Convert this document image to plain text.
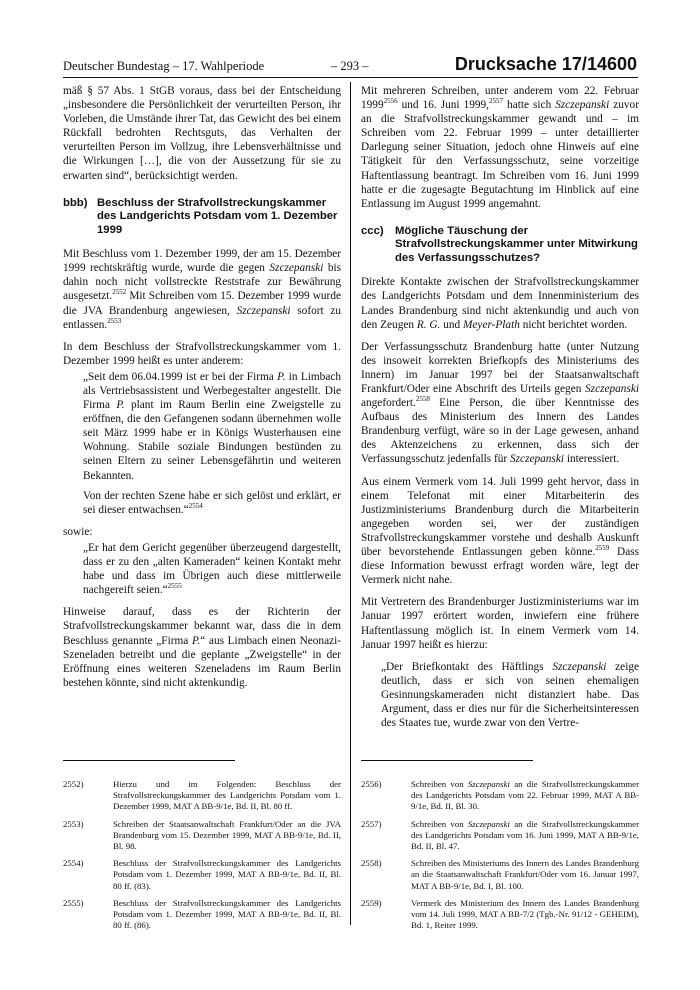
Deutscher Bundestag – 17. Wahlperiode	– 293 –	Drucksache 17/14600

mäß § 57 Abs. 1 StGB voraus, dass bei der Entscheidung „insbesondere die Persönlichkeit der verurteilten Person, ihr Vorleben, die Umstände ihrer Tat, das Gewicht des bei einem Rückfall bedrohten Rechtsguts, das Verhalten der verurteilten Person im Vollzug, ihre Lebensverhältnisse und die Wirkungen […], die von der Aussetzung für sie zu erwarten sind“, berücksichtigt werden.

bbb) Beschluss der Strafvollstreckungskammer des Landgerichts Potsdam vom 1. Dezember 1999

Mit Beschluss vom 1. Dezember 1999, der am 15. Dezember 1999 rechtskräftig wurde, wurde die gegen Szczepanski bis dahin noch nicht vollstreckte Reststrafe zur Bewährung ausgesetzt.$^{2552}$ Mit Schreiben vom 15. Dezember 1999 wurde die JVA Brandenburg angewiesen, Szczepanski sofort zu entlassen.$^{2553}$

In dem Beschluss der Strafvollstreckungskammer vom 1. Dezember 1999 heißt es unter anderem:

„Seit dem 06.04.1999 ist er bei der Firma P. in Limbach als Vertriebsassistent und Werbegestalter angestellt. Die Firma P. plant im Raum Berlin eine Zweigstelle zu eröffnen, die den Gefangenen sodann übernehmen wolle seit März 1999 habe er in Königs Wusterhausen eine Wohnung. Stabile soziale Bindungen bestünden zu seinen Eltern zu seiner Lebensgefährtin und weiteren Bekannten.

Von der rechten Szene habe er sich gelöst und erklärt, er sei dieser entwachsen.“$^{2554}$

sowie:

„Er hat dem Gericht gegenüber überzeugend dargestellt, dass er zu den „alten Kameraden“ keinen Kontakt mehr habe und dass im Übrigen auch diese mittlerweile nachgereift seien.“$^{2555}$

Hinweise darauf, dass es der Richterin der Strafvollstreckungskammer bekannt war, dass die in dem Beschluss genannte „Firma P.“ aus Limbach einen Neonazi-Szeneladen betreibt und die geplante „Zweigstelle“ in der Eröffnung eines weiteren Szeneladens im Raum Berlin bestehen könnte, sind nicht aktenkundig.

Mit mehreren Schreiben, unter anderem vom 22. Februar $1999^{2556}$ und 16. Juni 1999,$^{2557}$ hatte sich Szczepanski zuvor an die Strafvollstreckungskammer gewandt und – im Schreiben vom 22. Februar 1999 – unter detaillierter Darlegung seiner Situation, jedoch ohne Hinweis auf eine Tätigkeit für den Verfassungsschutz, seine vorzeitige Haftentlassung beantragt. Im Schreiben vom 16. Juni 1999 hatte er die zugesagte Begutachtung im Hinblick auf eine Entlassung im August 1999 angemahnt.

ccc)	Mögliche Täuschung der Strafvollstreckungskammer unter Mitwirkung des Verfassungsschutzes?

Direkte Kontakte zwischen der Strafvollstreckungskammer des Landgerichts Potsdam und dem Innenministerium des Landes Brandenburg sind nicht aktenkundig und auch von den Zeugen R. G. und Meyer-Plath nicht berichtet worden.

Der Verfassungsschutz Brandenburg hatte (unter Nutzung des insoweit korrekten Briefkopfs des Ministeriums des Innern) im Januar 1997 bei der Staatsanwaltschaft Frankfurt/Oder eine Abschrift des Urteils gegen Szczepanski angefordert.$^{2558}$ Eine Person, die über Kenntnisse des Aufbaus des Ministerium des Innern des Landes Brandenburg verfügt, wäre so in der Lage gewesen, anhand des Aktenzeichens zu erkennen, dass sich der Verfassungsschutz jedenfalls für Szczepanski interessiert.

Aus einem Vermerk vom 14. Juli 1999 geht hervor, dass in einem Telefonat mit einer Mitarbeiterin des Justizministeriums Brandenburg durch die Mitarbeiterin angegeben worden sei, wer der zuständigen Strafvollstreckungskammer vorstehe und deshalb Auskunft über bevorstehende Entlassungen geben könne.$^{2559}$ Dass diese Information bewusst erfragt worden wäre, legt der Vermerk nicht nahe.

Mit Vertretern des Brandenburger Justizministeriums war im Januar 1997 erörtert worden, inwiefern eine frühere Haftentlassung möglich ist. In einem Vermerk vom 14. Januar 1997 heißt es hierzu:

„Der Briefkontakt des Häftlings Szczepanski zeige deutlich, dass er sich von seinen ehemaligen Gesinnungskameraden nicht distanziert habe. Das Argument, dass er dies nur für die Sicherheitsinteressen des Staates tue, wurde zwar von den Vertre-

2552)	Hierzu und im Folgenden: Beschluss der Strafvollstreckungskammer des Landgerichts Potsdam vom 1. Dezember 1999, MAT A BB-9/1e, Bd. II, Bl. 80 ff.
2553)	Schreiben der Staatsanwaltschaft Frankfurt/Oder an die JVA Brandenburg vom 15. Dezember 1999, MAT A BB-9/1e, Bd. II, Bl. 98.
2554)	Beschluss der Strafvollstreckungskammer des Landgerichts Potsdam vom 1. Dezember 1999, MAT A BB-9/1e, Bd. II, Bl. 80 ff. (83).
2555)	Beschluss der Strafvollstreckungskammer des Landgerichts Potsdam vom 1. Dezember 1999, MAT A BB-9/1e, Bd. II, Bl. 80 ff. (86).
2556)	Schreiben von Szczepanski an die Strafvollstreckungskammer des Landgerichts Potsdam vom 22. Februar 1999, MAT A BB-9/1e, Bd. II, Bl. 30.
2557)	Schreiben von Szczepanski an die Strafvollstreckungskammer des Landgerichts Potsdam vom 16. Juni 1999, MAT A BB-9/1e, Bd. II, Bl. 47.
2558)	Schreiben des Ministeriums des Innern des Landes Brandenburg an die Staatsanwaltschaft Frankfurt/Oder vom 16. Januar 1997, MAT A BB-9/1e, Bd. I, Bl. 100.
2559)	Vermerk des Ministerium des Innern des Landes Brandenburg vom 14. Juli 1999, MAT A BB-7/2 (Tgb.-Nr. 91/12 - GEHEIM), Bd. 1, Reiter 1999.
